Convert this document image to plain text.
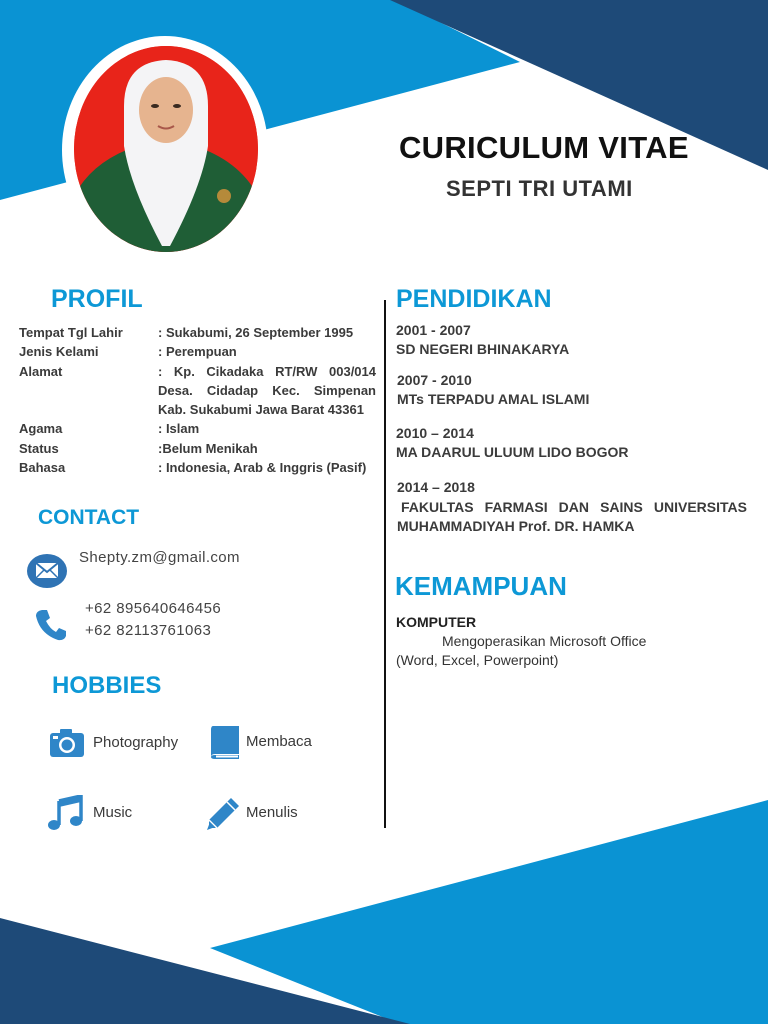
CURICULUM VITAE
SEPTI TRI UTAMI
PROFIL
Tempat Tgl Lahir	: Sukabumi, 26 September 1995
Jenis Kelami	: Perempuan
Alamat	: Kp. Cikadaka RT/RW 003/014 Desa. Cidadap Kec. Simpenan Kab. Sukabumi Jawa Barat 43361
Agama	: Islam
Status	:Belum Menikah
Bahasa	: Indonesia, Arab & Inggris (Pasif)
CONTACT
Shepty.zm@gmail.com
+62 895640646456
+62 82113761063
HOBBIES
Photography	Membaca
Music	Menulis
PENDIDIKAN
2001 - 2007
SD NEGERI BHINAKARYA
2007 - 2010
MTs TERPADU AMAL ISLAMI
2010 – 2014
MA DAARUL ULUUM LIDO BOGOR
2014 – 2018
FAKULTAS FARMASI DAN SAINS UNIVERSITAS MUHAMMADIYAH Prof. DR. HAMKA
KEMAMPUAN
KOMPUTER
Mengoperasikan Microsoft Office
(Word, Excel, Powerpoint)
